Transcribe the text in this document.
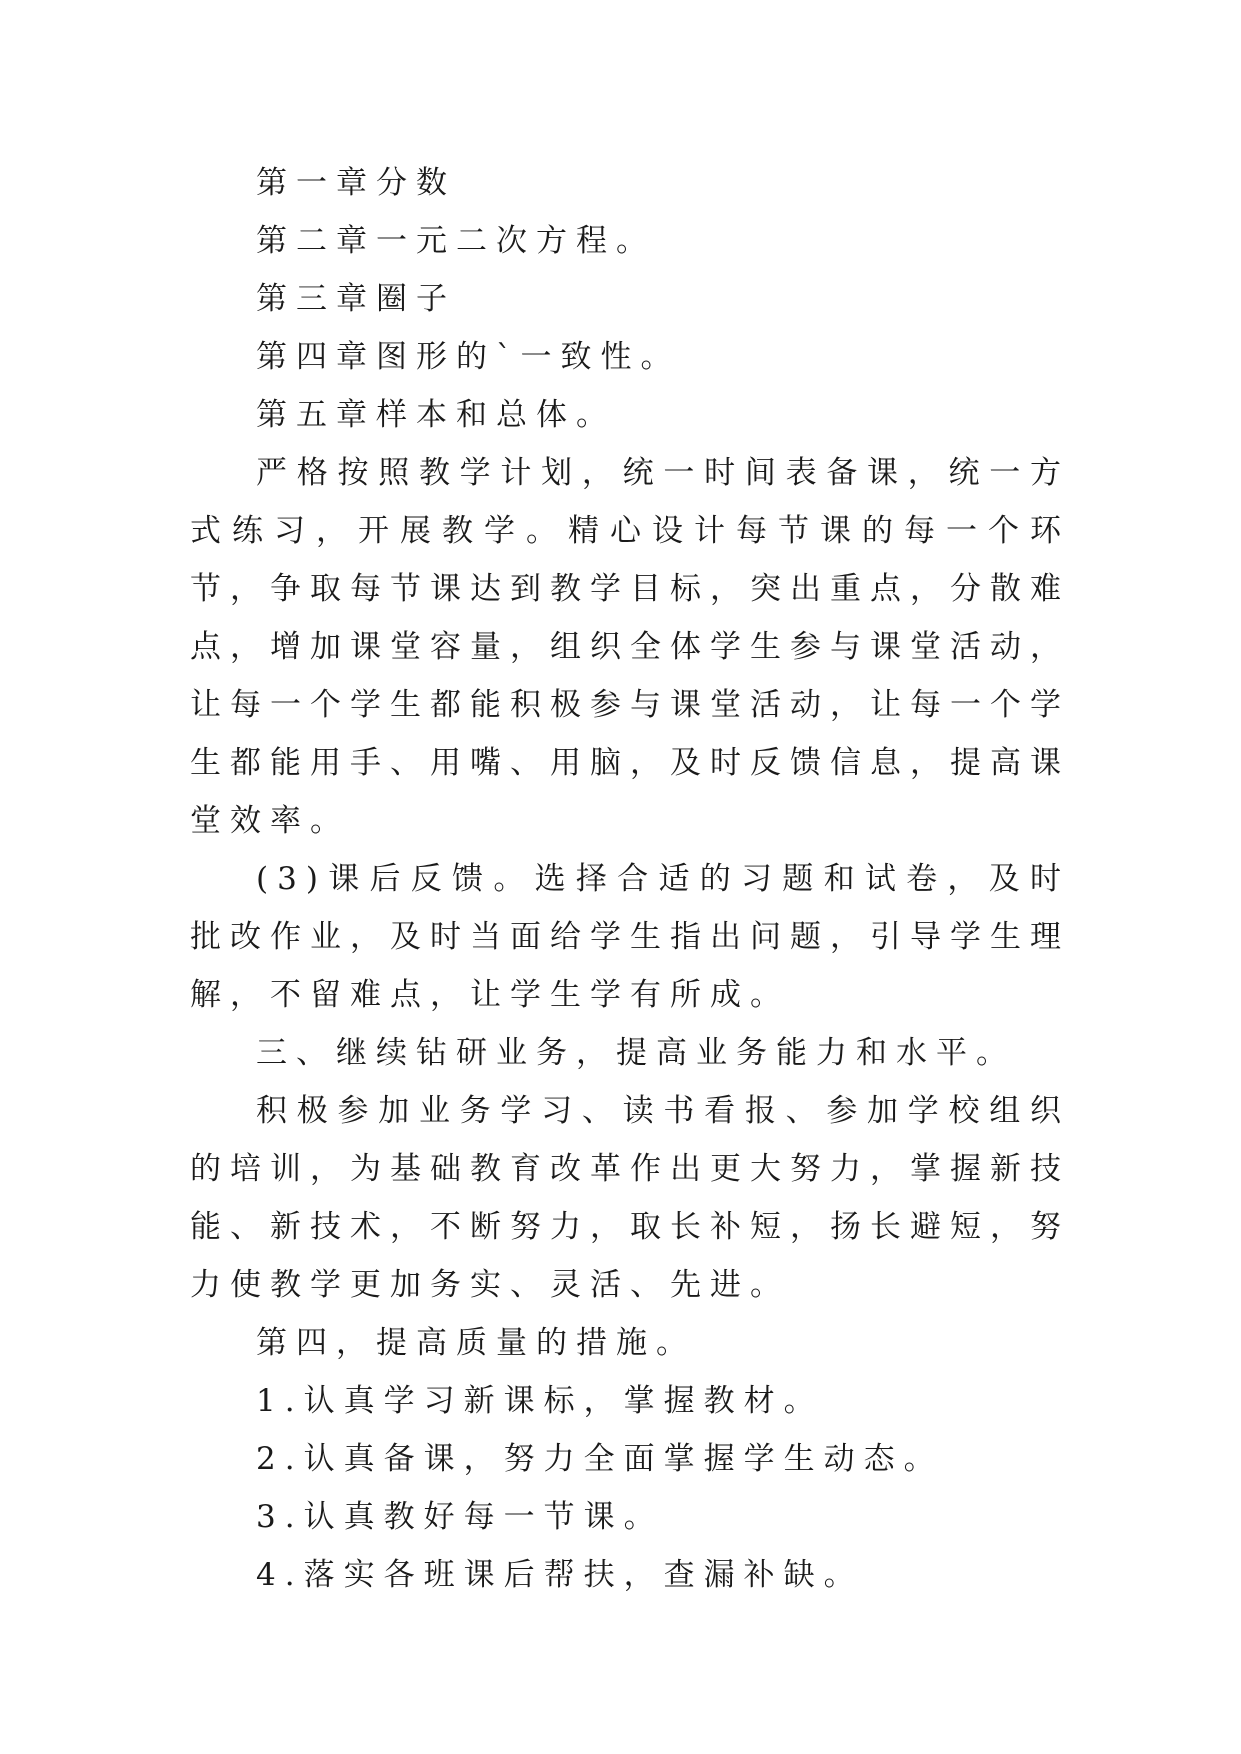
第一章分数

第二章一元二次方程。

第三章圈子

第四章图形的`一致性。

第五章样本和总体。

严格按照教学计划，统一时间表备课，统一方式练习，开展教学。精心设计每节课的每一个环节，争取每节课达到教学目标，突出重点，分散难点，增加课堂容量，组织全体学生参与课堂活动，让每一个学生都能积极参与课堂活动，让每一个学生都能用手、用嘴、用脑，及时反馈信息，提高课堂效率。

(3)课后反馈。选择合适的习题和试卷，及时批改作业，及时当面给学生指出问题，引导学生理解，不留难点，让学生学有所成。

三、继续钻研业务，提高业务能力和水平。

积极参加业务学习、读书看报、参加学校组织的培训，为基础教育改革作出更大努力，掌握新技能、新技术，不断努力，取长补短，扬长避短，努力使教学更加务实、灵活、先进。

第四，提高质量的措施。

1.认真学习新课标，掌握教材。

2.认真备课，努力全面掌握学生动态。

3.认真教好每一节课。

4.落实各班课后帮扶，查漏补缺。
